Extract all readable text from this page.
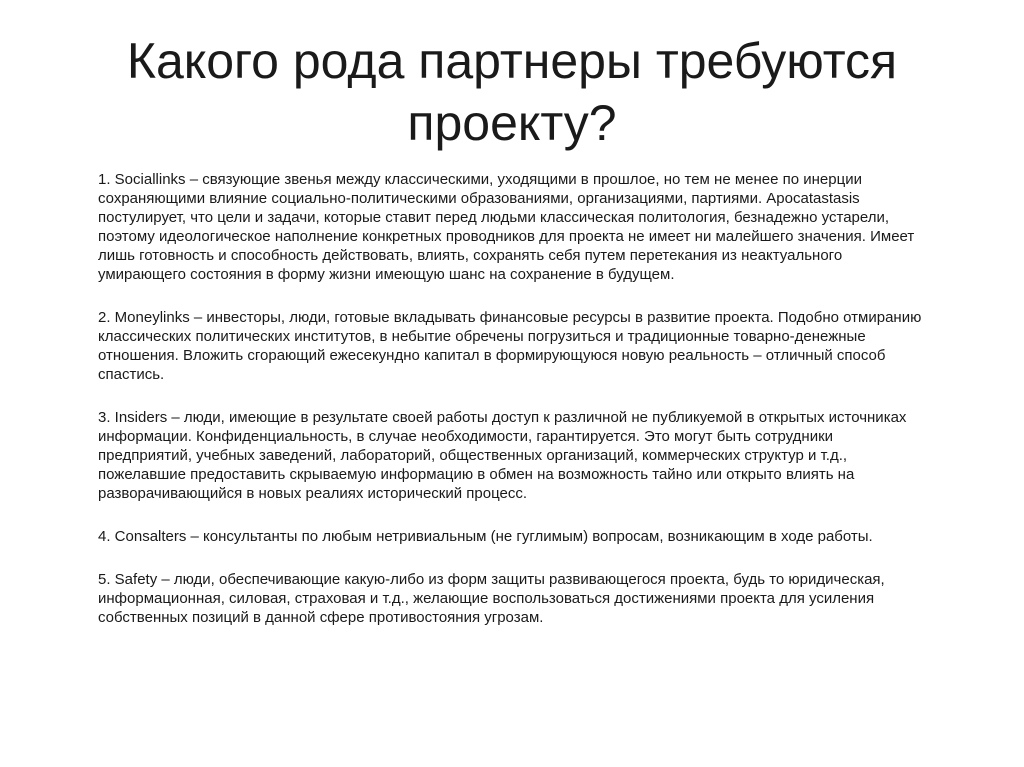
Какого рода партнеры требуются
проекту?

1. Sociallinks – связующие звенья между классическими, уходящими в прошлое, но тем не менее по инерции сохраняющими влияние социально-политическими образованиями, организациями, партиями. Apocatastasis постулирует, что цели и задачи, которые ставит перед людьми классическая политология, безнадежно устарели, поэтому идеологическое наполнение конкретных проводников для проекта не имеет ни малейшего значения. Имеет лишь готовность и способность действовать, влиять, сохранять себя путем перетекания из неактуального умирающего состояния в форму жизни имеющую шанс на сохранение в будущем.

2. Moneylinks – инвесторы, люди, готовые вкладывать финансовые ресурсы в развитие проекта. Подобно отмиранию классических политических институтов, в небытие обречены погрузиться и традиционные товарно-денежные отношения. Вложить сгорающий ежесекундно капитал в формирующуюся новую реальность – отличный способ спастись.

3. Insiders – люди, имеющие в результате своей работы доступ к различной не публикуемой в открытых источниках информации. Конфиденциальность, в случае необходимости, гарантируется. Это могут быть сотрудники предприятий, учебных заведений, лабораторий, общественных организаций, коммерческих структур и т.д., пожелавшие предоставить скрываемую информацию в обмен на возможность тайно или открыто влиять на разворачивающийся в новых реалиях исторический процесс.

4. Consalters – консультанты по любым нетривиальным (не гуглимым) вопросам, возникающим в ходе работы.

5. Safety – люди, обеспечивающие какую-либо из форм защиты развивающегося проекта, будь то юридическая, информационная, силовая, страховая и т.д., желающие воспользоваться достижениями проекта для усиления собственных позиций в данной сфере противостояния угрозам.
